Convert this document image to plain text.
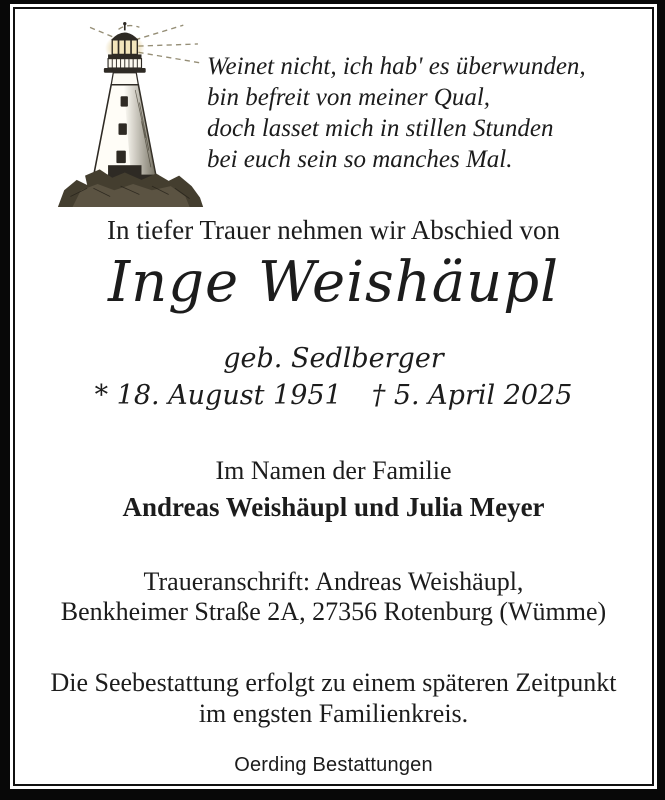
Weinet nicht, ich hab' es überwunden,
bin befreit von meiner Qual,
doch lasset mich in stillen Stunden
bei euch sein so manches Mal.
In tiefer Trauer nehmen wir Abschied von
Inge Weishäupl
geb. Sedlberger
* 18. August 1951 † 5. April 2025
Im Namen der Familie
Andreas Weishäupl und Julia Meyer
Traueranschrift: Andreas Weishäupl,
Benkheimer Straße 2A, 27356 Rotenburg (Wümme)
Die Seebestattung erfolgt zu einem späteren Zeitpunkt
im engsten Familienkreis.
Oerding Bestattungen
